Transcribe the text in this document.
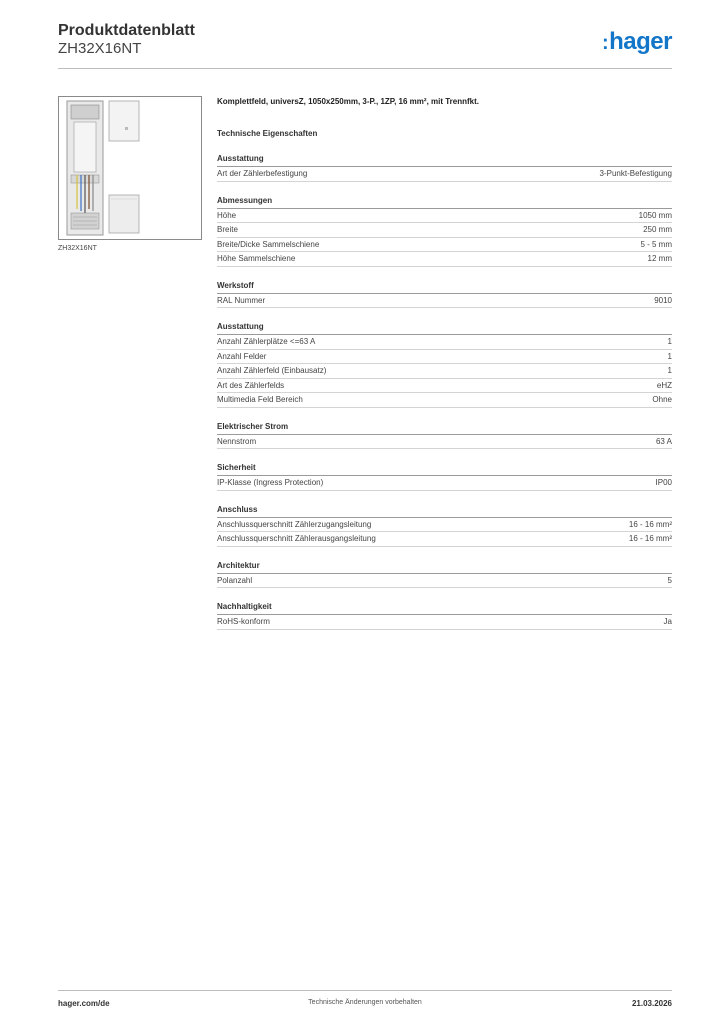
Produktdatenblatt
ZH32X16NT	:hager
ZH32X16NT

Komplettfeld, universZ, 1050x250mm, 3-P., 1ZP, 16 mm², mit Trennfkt.

Technische Eigenschaften
Ausstattung
Art der Zählerbefestigung	3-Punkt-Befestigung
Abmessungen
Höhe	1050 mm
Breite	250 mm
Breite/Dicke Sammelschiene	5 - 5 mm
Höhe Sammelschiene	12 mm
Werkstoff
RAL Nummer	9010
Ausstattung
Anzahl Zählerplätze <=63 A	1
Anzahl Felder	1
Anzahl Zählerfeld (Einbausatz)	1
Art des Zählerfelds	eHZ
Multimedia Feld Bereich	Ohne
Elektrischer Strom
Nennstrom	63 A
Sicherheit
IP-Klasse (Ingress Protection)	IP00
Anschluss
Anschlussquerschnitt Zählerzugangsleitung	16 - 16 mm²
Anschlussquerschnitt Zählerausgangsleitung	16 - 16 mm²
Architektur
Polanzahl	5
Nachhaltigkeit
RoHS-konform	Ja
hager.com/de	Technische Änderungen vorbehalten	21.03.2026
